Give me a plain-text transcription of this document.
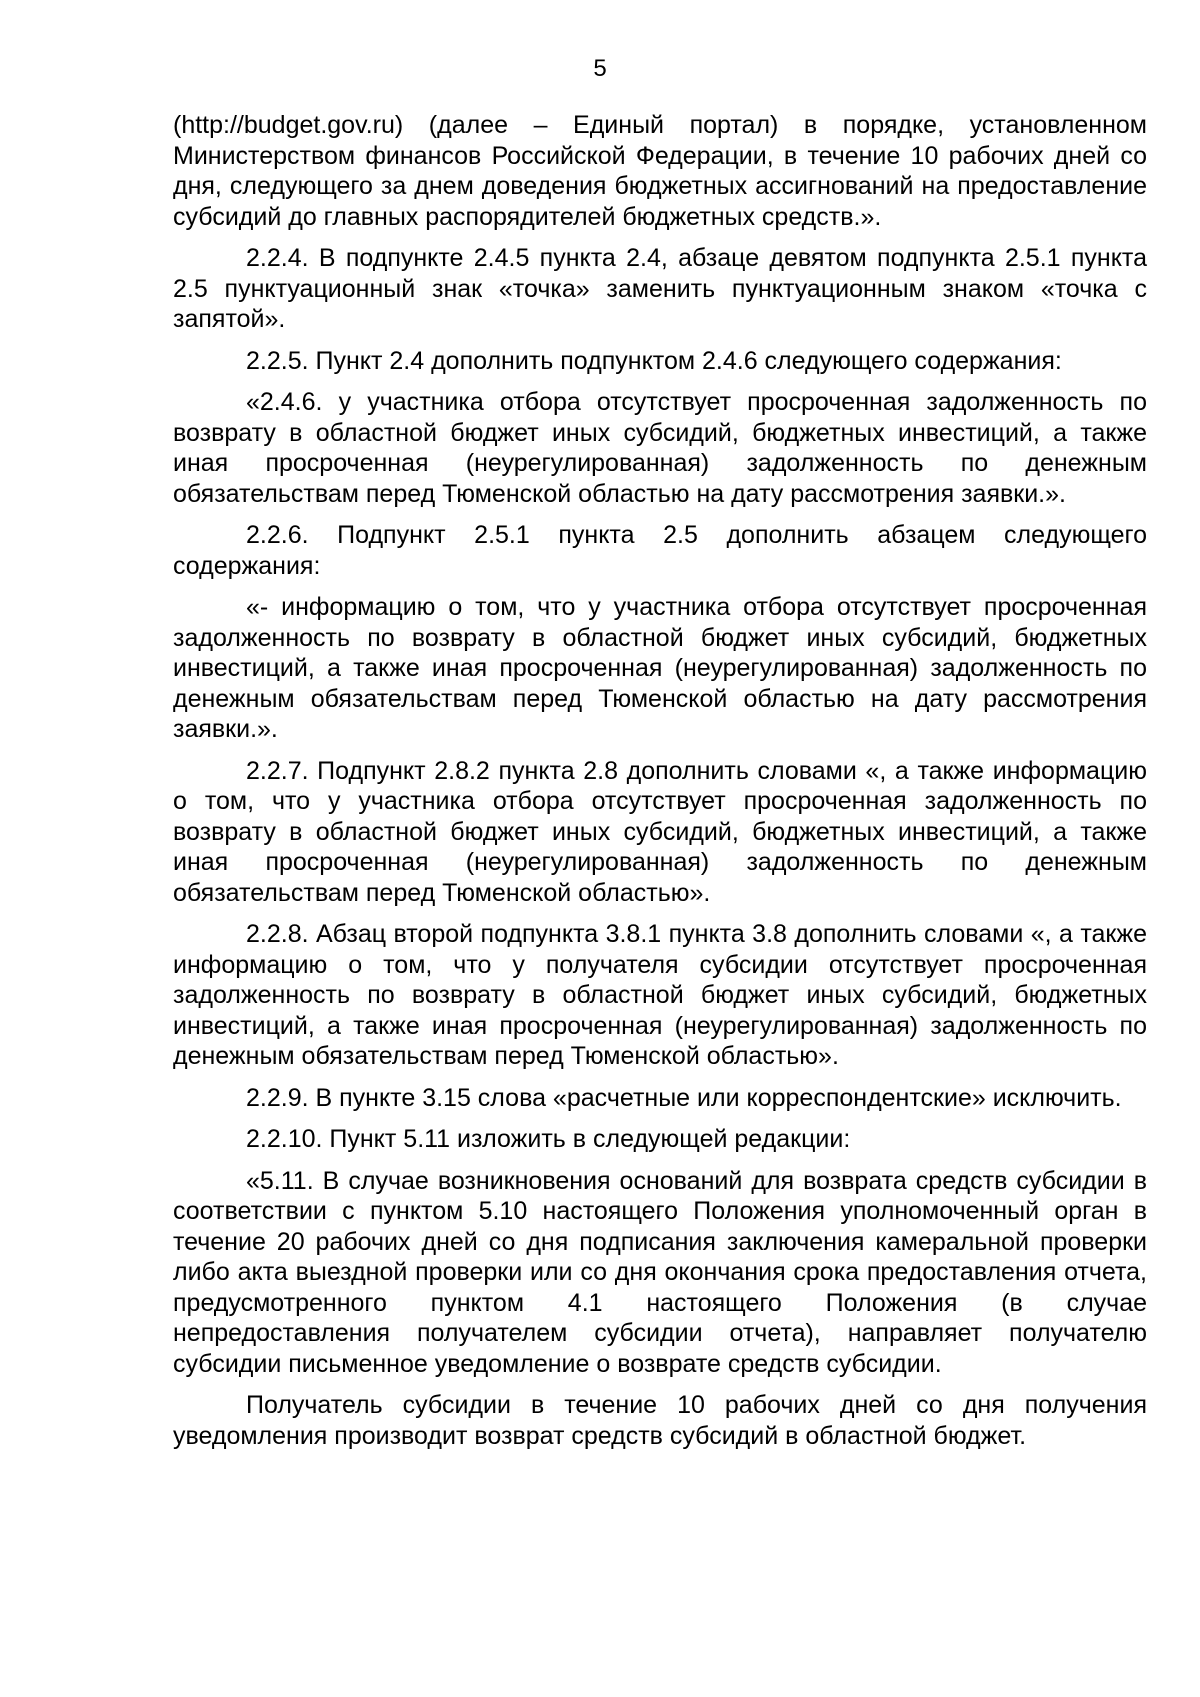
5

(http://budget.gov.ru) (далее – Единый портал) в порядке, установленном Министерством финансов Российской Федерации, в течение 10 рабочих дней со дня, следующего за днем доведения бюджетных ассигнований на предоставление субсидий до главных распорядителей бюджетных средств.».

2.2.4. В подпункте 2.4.5 пункта 2.4, абзаце девятом подпункта 2.5.1 пункта 2.5 пунктуационный знак «точка» заменить пунктуационным знаком «точка с запятой».

2.2.5. Пункт 2.4 дополнить подпунктом 2.4.6 следующего содержания:

«2.4.6. у участника отбора отсутствует просроченная задолженность по возврату в областной бюджет иных субсидий, бюджетных инвестиций, а также иная просроченная (неурегулированная) задолженность по денежным обязательствам перед Тюменской областью на дату рассмотрения заявки.».

2.2.6. Подпункт 2.5.1 пункта 2.5 дополнить абзацем следующего содержания:

«- информацию о том, что у участника отбора отсутствует просроченная задолженность по возврату в областной бюджет иных субсидий, бюджетных инвестиций, а также иная просроченная (неурегулированная) задолженность по денежным обязательствам перед Тюменской областью на дату рассмотрения заявки.».

2.2.7. Подпункт 2.8.2 пункта 2.8 дополнить словами «, а также информацию о том, что у участника отбора отсутствует просроченная задолженность по возврату в областной бюджет иных субсидий, бюджетных инвестиций, а также иная просроченная (неурегулированная) задолженность по денежным обязательствам перед Тюменской областью».

2.2.8. Абзац второй подпункта 3.8.1 пункта 3.8 дополнить словами «, а также информацию о том, что у получателя субсидии отсутствует просроченная задолженность по возврату в областной бюджет иных субсидий, бюджетных инвестиций, а также иная просроченная (неурегулированная) задолженность по денежным обязательствам перед Тюменской областью».

2.2.9. В пункте 3.15 слова «расчетные или корреспондентские» исключить.

2.2.10. Пункт 5.11 изложить в следующей редакции:

«5.11. В случае возникновения оснований для возврата средств субсидии в соответствии с пунктом 5.10 настоящего Положения уполномоченный орган в течение 20 рабочих дней со дня подписания заключения камеральной проверки либо акта выездной проверки или со дня окончания срока предоставления отчета, предусмотренного пунктом 4.1 настоящего Положения (в случае непредоставления получателем субсидии отчета), направляет получателю субсидии письменное уведомление о возврате средств субсидии.

Получатель субсидии в течение 10 рабочих дней со дня получения уведомления производит возврат средств субсидий в областной бюджет.
